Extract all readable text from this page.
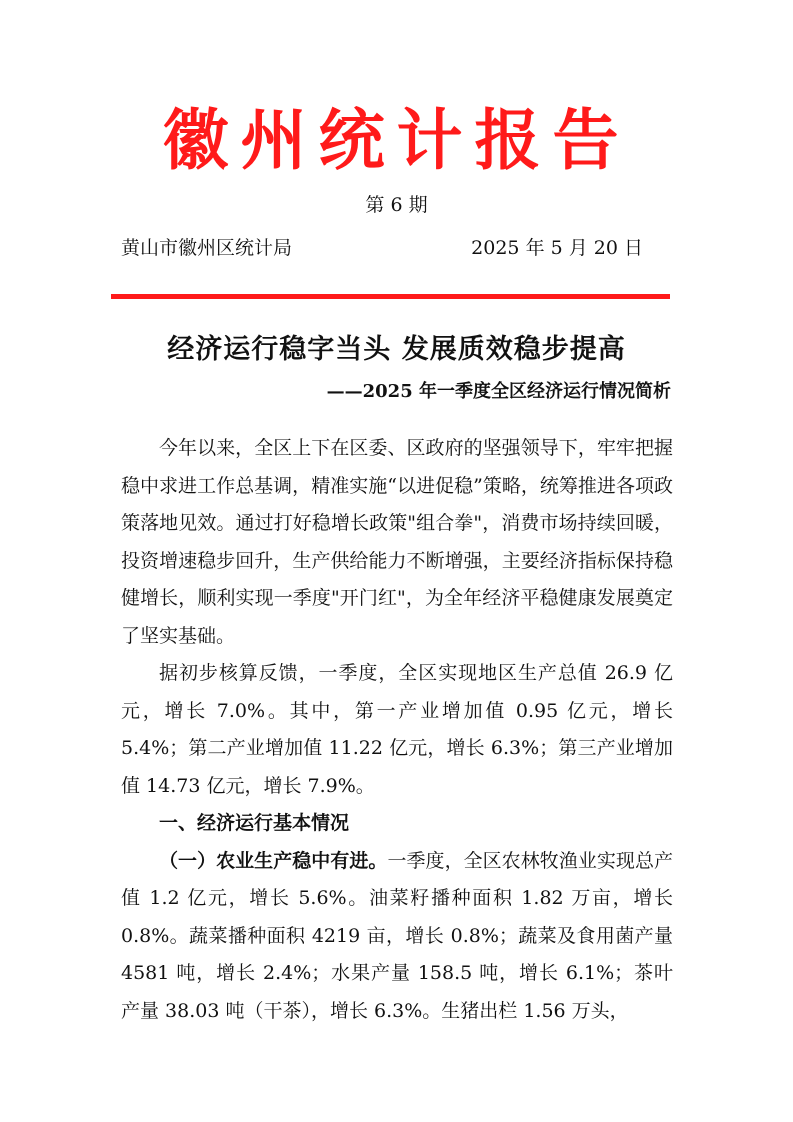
徽州统计报告
第 6 期
黄山市徽州区统计局	2025 年 5 月 20 日
经济运行稳字当头 发展质效稳步提高
——2025 年一季度全区经济运行情况简析

今年以来，全区上下在区委、区政府的坚强领导下，牢牢把握稳中求进工作总基调，精准实施“以进促稳”策略，统筹推进各项政策落地见效。通过打好稳增长政策"组合拳"，消费市场持续回暖，投资增速稳步回升，生产供给能力不断增强，主要经济指标保持稳健增长，顺利实现一季度"开门红"，为全年经济平稳健康发展奠定了坚实基础。

据初步核算反馈，一季度，全区实现地区生产总值 26.9 亿元，增长 7.0%。其中，第一产业增加值 0.95 亿元，增长 5.4%；第二产业增加值 11.22 亿元，增长 6.3%；第三产业增加值 14.73 亿元，增长 7.9%。

一、经济运行基本情况

（一）农业生产稳中有进。一季度，全区农林牧渔业实现总产值 1.2 亿元，增长 5.6%。油菜籽播种面积 1.82 万亩，增长 0.8%。蔬菜播种面积 4219 亩，增长 0.8%；蔬菜及食用菌产量 4581 吨，增长 2.4%；水果产量 158.5 吨，增长 6.1%；茶叶产量 38.03 吨（干茶），增长 6.3%。生猪出栏 1.56 万头，
